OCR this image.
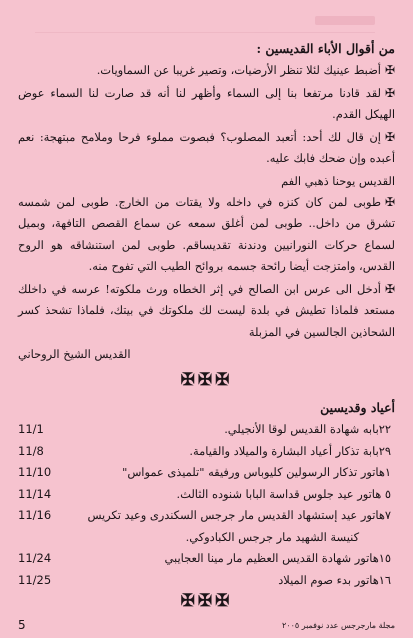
من أقوال الأباء القديسين :

✠أضبط عينيك لئلا تنظر الأرضيات، وتصير غريبا عن السماويات.

✠لقد قادنا مرتفعا بنا إلى السماء وأظهر لنا أنه قد صارت لنا السماء عوض الهيكل القدم.

✠إن قال لك أحد: أتعبد المصلوب؟ فبصوت مملوء فرحا وملامح مبتهجة: نعم أعبده وإن ضحك فابك عليه.

القديس يوحنا ذهبي الفم

✠طوبى لمن كان كنزه في داخله ولا يقتات من الخارج. طوبى لمن شمسه تشرق من داخل.. طوبى لمن أغلق سمعه عن سماع القصص التافهة، وبميل لسماع حركات النورانيين ودندنة تقديساقم. طوبى لمن استنشاقه هو الروح القدس، وامتزجت أيضا رائحة جسمه بروائح الطيب التي تفوح منه.

✠أدخل الى عرس ابن الصالح في إثر الخطاه ورث ملكوته! عرسه في داخلك مستعد فلماذا تطيش في بلدة ليست لك ملكوتك في بيتك، فلماذا تشحذ كسر الشحاذين الجالسين في المزبلة

القديس الشيخ الروحاني
✠✠✠
أعياد وقديسين
٢٢بابه شهادة القديس لوقا الأنجيلي.
11/1
٢٩بابة تذكار أعياد البشارة والميلاد والقيامة.
11/8
١هاتور تذكار الرسولين كليوباس ورفيقه "تلميذى عمواس"
11/10
٥ هاتور عيد جلوس قداسة البابا شنوده الثالث.
11/14
٧هاتور عيد إستشهاد القديس مار جرجس السكندرى وعيد تكريس
11/16
كنيسة الشهيد مار جرجس الكبادوكي.
١٥هاتور شهادة القديس العظيم مار مينا العجايبي
11/24
١٦هاتور بدء صوم الميلاد
11/25
✠✠✠
مجلة مارجرجس عدد نوفمبر ٢٠٠٥
5
